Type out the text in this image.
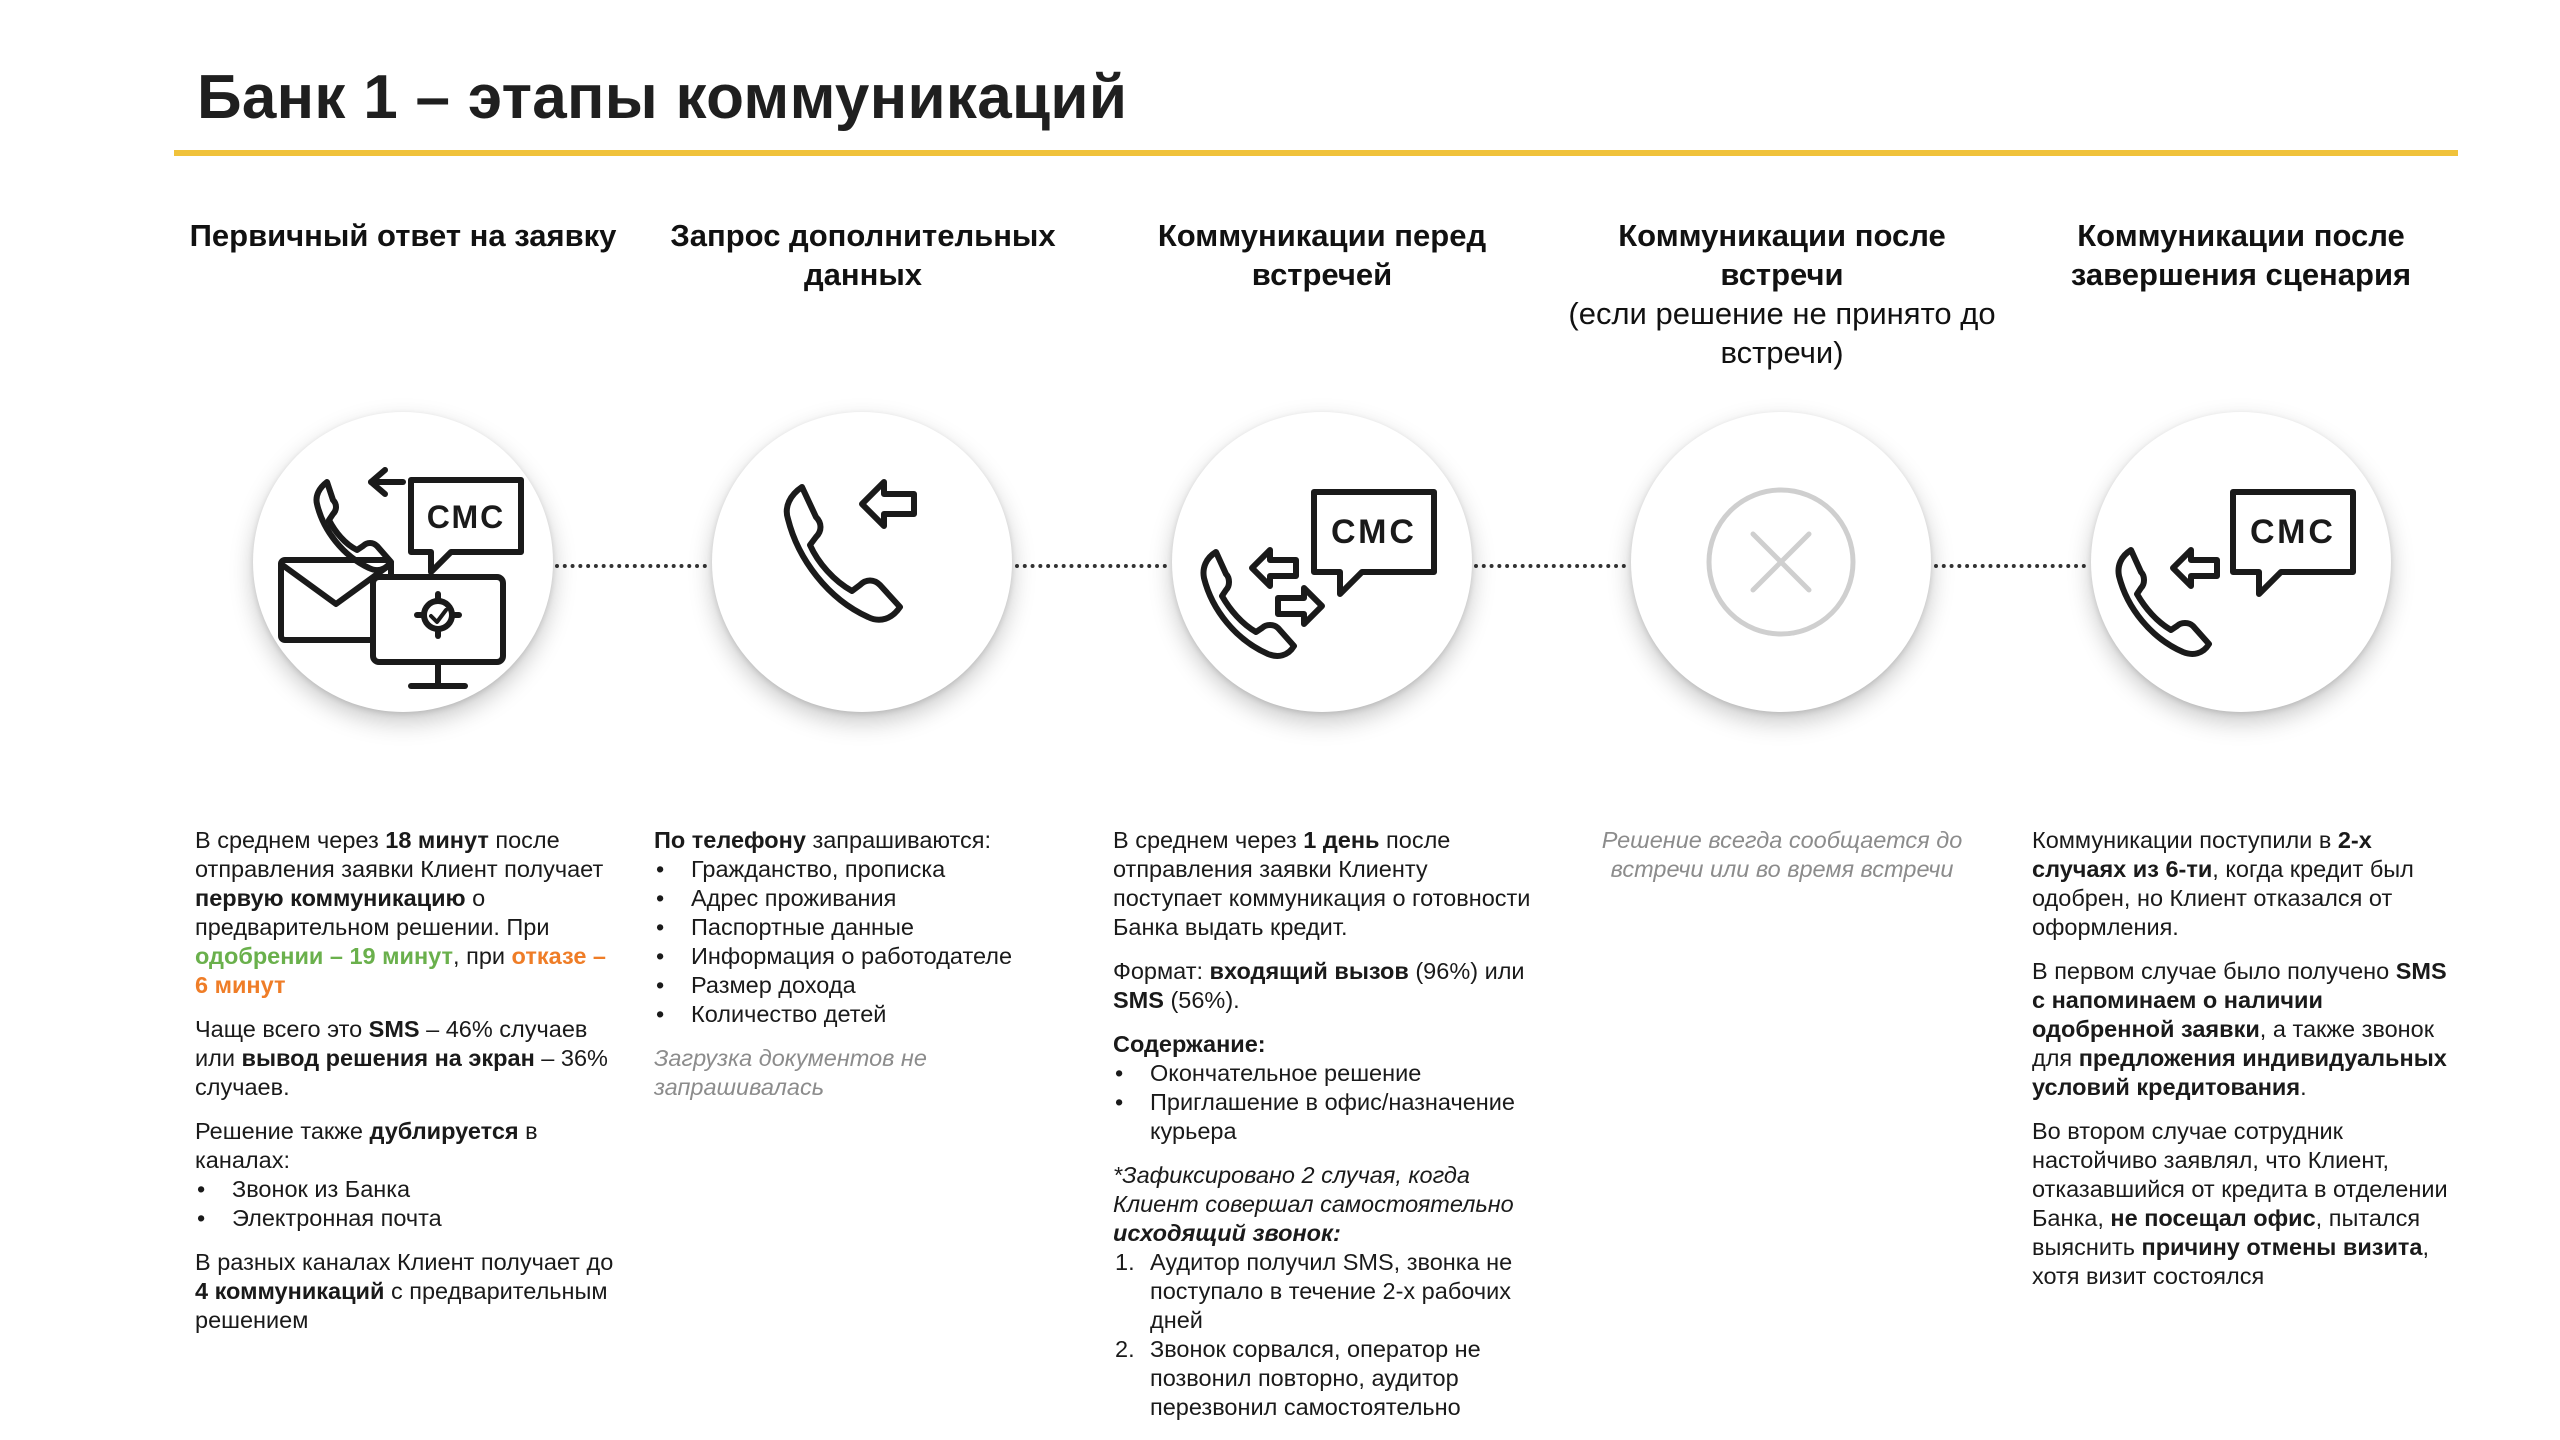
Банк 1 – этапы коммуникаций
Первичный ответ на заявку	Запрос дополнительных данных
Коммуникации перед встречей
Коммуникации после встречи
(если решение не принято до встречи)
Коммуникации после завершения сценария
СМС	СМС	СМС

В среднем через 18 минут после отправления заявки Клиент получает первую коммуникацию о предварительном решении. При одобрении – 19 минут, при отказе – 6 минут

Чаще всего это SMS – 46% случаев или вывод решения на экран – 36% случаев.

Решение также дублируется в каналах:

• Звонок из Банка
• Электронная почта

В разных каналах Клиент получает до 4 коммуникаций с предварительным решением

По телефону запрашиваются:

• Гражданство, прописка
• Адрес проживания
• Паспортные данные
• Информация о работодателе
• Размер дохода
• Количество детей

Загрузка документов не запрашивалась

В среднем через 1 день после отправления заявки Клиенту поступает коммуникация о готовности Банка выдать кредит.

Формат: входящий вызов (96%) или SMS (56%).

Содержание:

• Окончательное решение
• Приглашение в офис/назначение курьера

*Зафиксировано 2 случая, когда Клиент совершал самостоятельно исходящий звонок:

1. Аудитор получил SMS, звонка не поступало в течение 2-х рабочих дней
2. Звонок сорвался, оператор не позвонил повторно, аудитор перезвонил самостоятельно

Решение всегда сообщается до встречи или во время встречи

Коммуникации поступили в 2-х случаях из 6-ти, когда кредит был одобрен, но Клиент отказался от оформления.

В первом случае было получено SMS с напоминаем о наличии одобренной заявки, а также звонок для предложения индивидуальных условий кредитования.

Во втором случае сотрудник настойчиво заявлял, что Клиент, отказавшийся от кредита в отделении Банка, не посещал офис, пытался выяснить причину отмены визита, хотя визит состоялся
